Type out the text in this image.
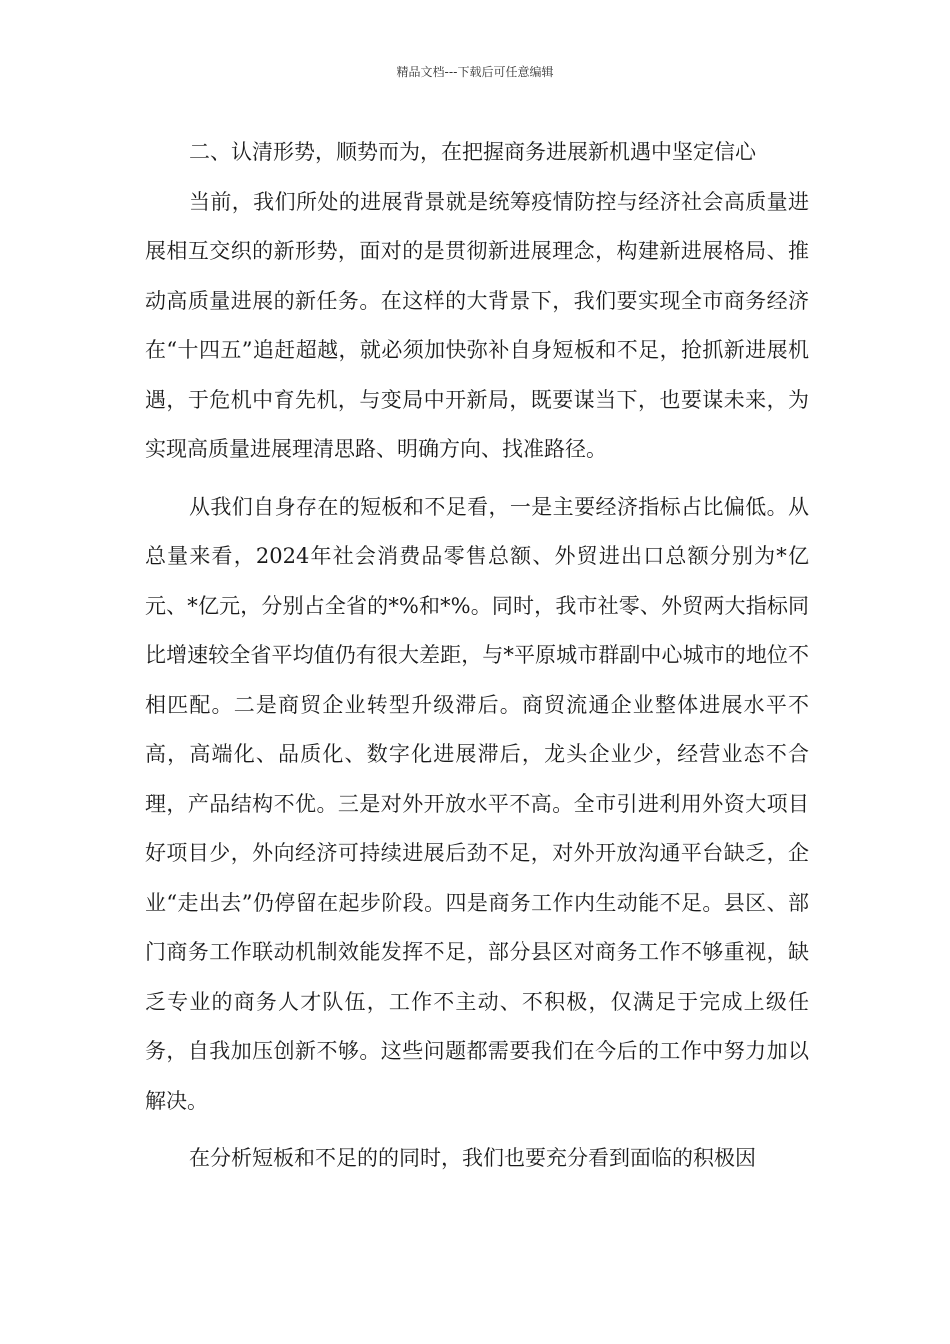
精品文档---下载后可任意编辑

二、认清形势，顺势而为，在把握商务进展新机遇中坚定信心

当前，我们所处的进展背景就是统筹疫情防控与经济社会高质量进展相互交织的新形势，面对的是贯彻新进展理念，构建新进展格局、推动高质量进展的新任务。在这样的大背景下，我们要实现全市商务经济在“十四五”追赶超越，就必须加快弥补自身短板和不足，抢抓新进展机遇，于危机中育先机，与变局中开新局，既要谋当下，也要谋未来，为实现高质量进展理清思路、明确方向、找准路径。

从我们自身存在的短板和不足看，一是主要经济指标占比偏低。从总量来看，2024年社会消费品零售总额、外贸进出口总额分别为*亿元、*亿元，分别占全省的*%和*%。同时，我市社零、外贸两大指标同比增速较全省平均值仍有很大差距，与*平原城市群副中心城市的地位不相匹配。二是商贸企业转型升级滞后。商贸流通企业整体进展水平不高，高端化、品质化、数字化进展滞后，龙头企业少，经营业态不合理，产品结构不优。三是对外开放水平不高。全市引进利用外资大项目好项目少，外向经济可持续进展后劲不足，对外开放沟通平台缺乏，企业“走出去”仍停留在起步阶段。四是商务工作内生动能不足。县区、部门商务工作联动机制效能发挥不足，部分县区对商务工作不够重视，缺乏专业的商务人才队伍，工作不主动、不积极，仅满足于完成上级任务，自我加压创新不够。这些问题都需要我们在今后的工作中努力加以解决。

在分析短板和不足的的同时，我们也要充分看到面临的积极因
